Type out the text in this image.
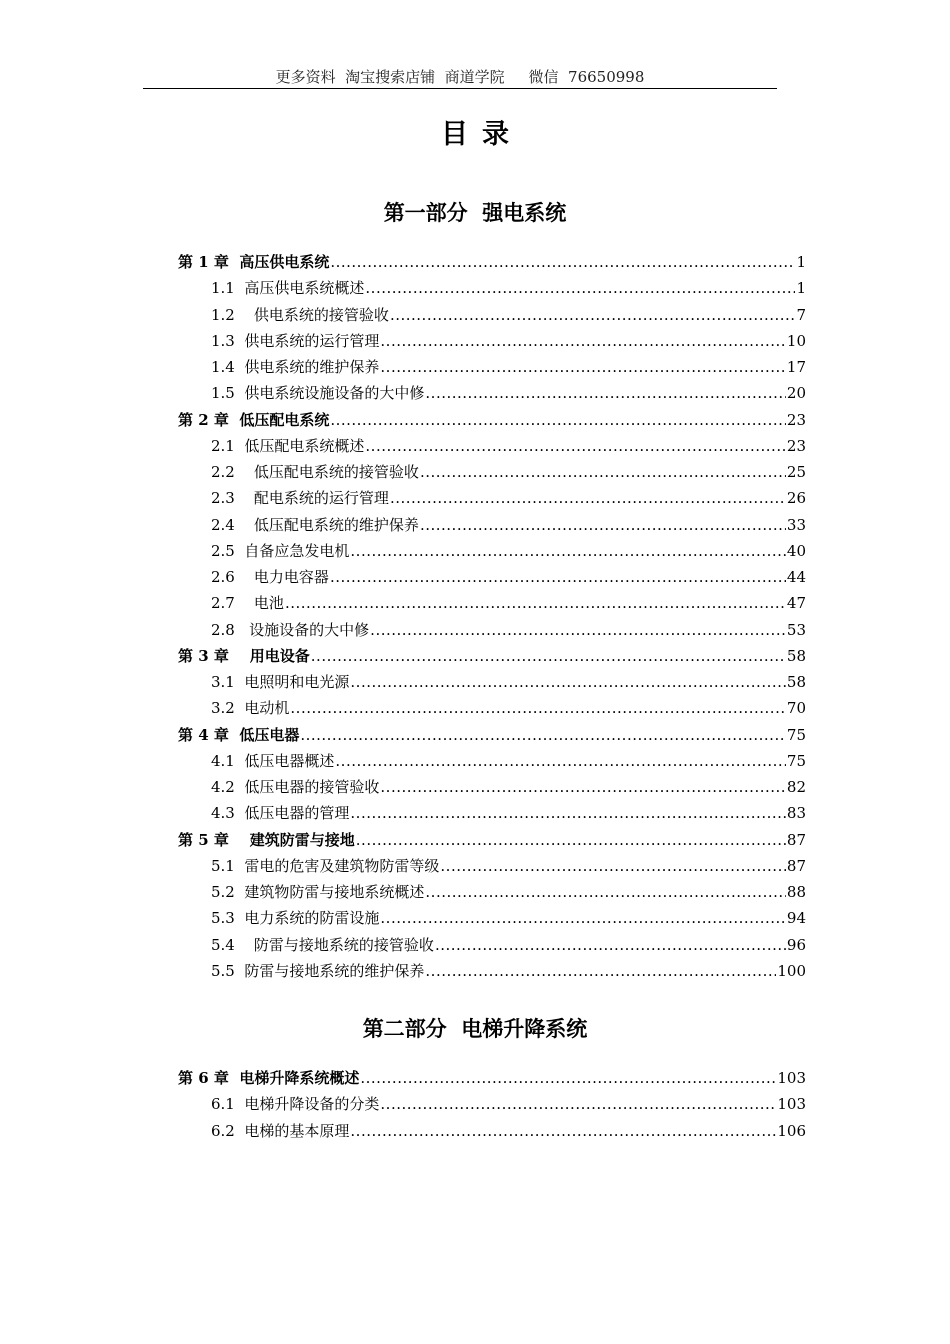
更多资料  淘宝搜索店铺  商道学院     微信  76650998
目录
第一部分  强电系统
第 1 章  高压供电系统 .....	1
1.1  高压供电系统概述 .....	1
1.2    供电系统的接管验收 .....	7
1.3  供电系统的运行管理 .....	10
1.4  供电系统的维护保养 .....	17
1.5  供电系统设施设备的大中修 .....	20
第 2 章  低压配电系统 .....	23
2.1  低压配电系统概述 .....	23
2.2    低压配电系统的接管验收 .....	25
2.3    配电系统的运行管理 .....	26
2.4    低压配电系统的维护保养 .....	33
2.5  自备应急发电机 .....	40
2.6    电力电容器 .....	44
2.7    电池 .....	47
2.8   设施设备的大中修 .....	53
第 3 章    用电设备 .....	58
3.1  电照明和电光源 .....	58
3.2  电动机 .....	70
第 4 章  低压电器 .....	75
4.1  低压电器概述 .....	75
4.2  低压电器的接管验收 .....	82
4.3  低压电器的管理 .....	83
第 5 章    建筑防雷与接地 .....	87
5.1  雷电的危害及建筑物防雷等级 .....	87
5.2  建筑物防雷与接地系统概述 .....	88
5.3  电力系统的防雷设施 .....	94
5.4    防雷与接地系统的接管验收 .....	96
5.5  防雷与接地系统的维护保养 .....	100
第二部分  电梯升降系统
第 6 章  电梯升降系统概述 .....	103
6.1  电梯升降设备的分类 .....	103
6.2  电梯的基本原理 .....	106
